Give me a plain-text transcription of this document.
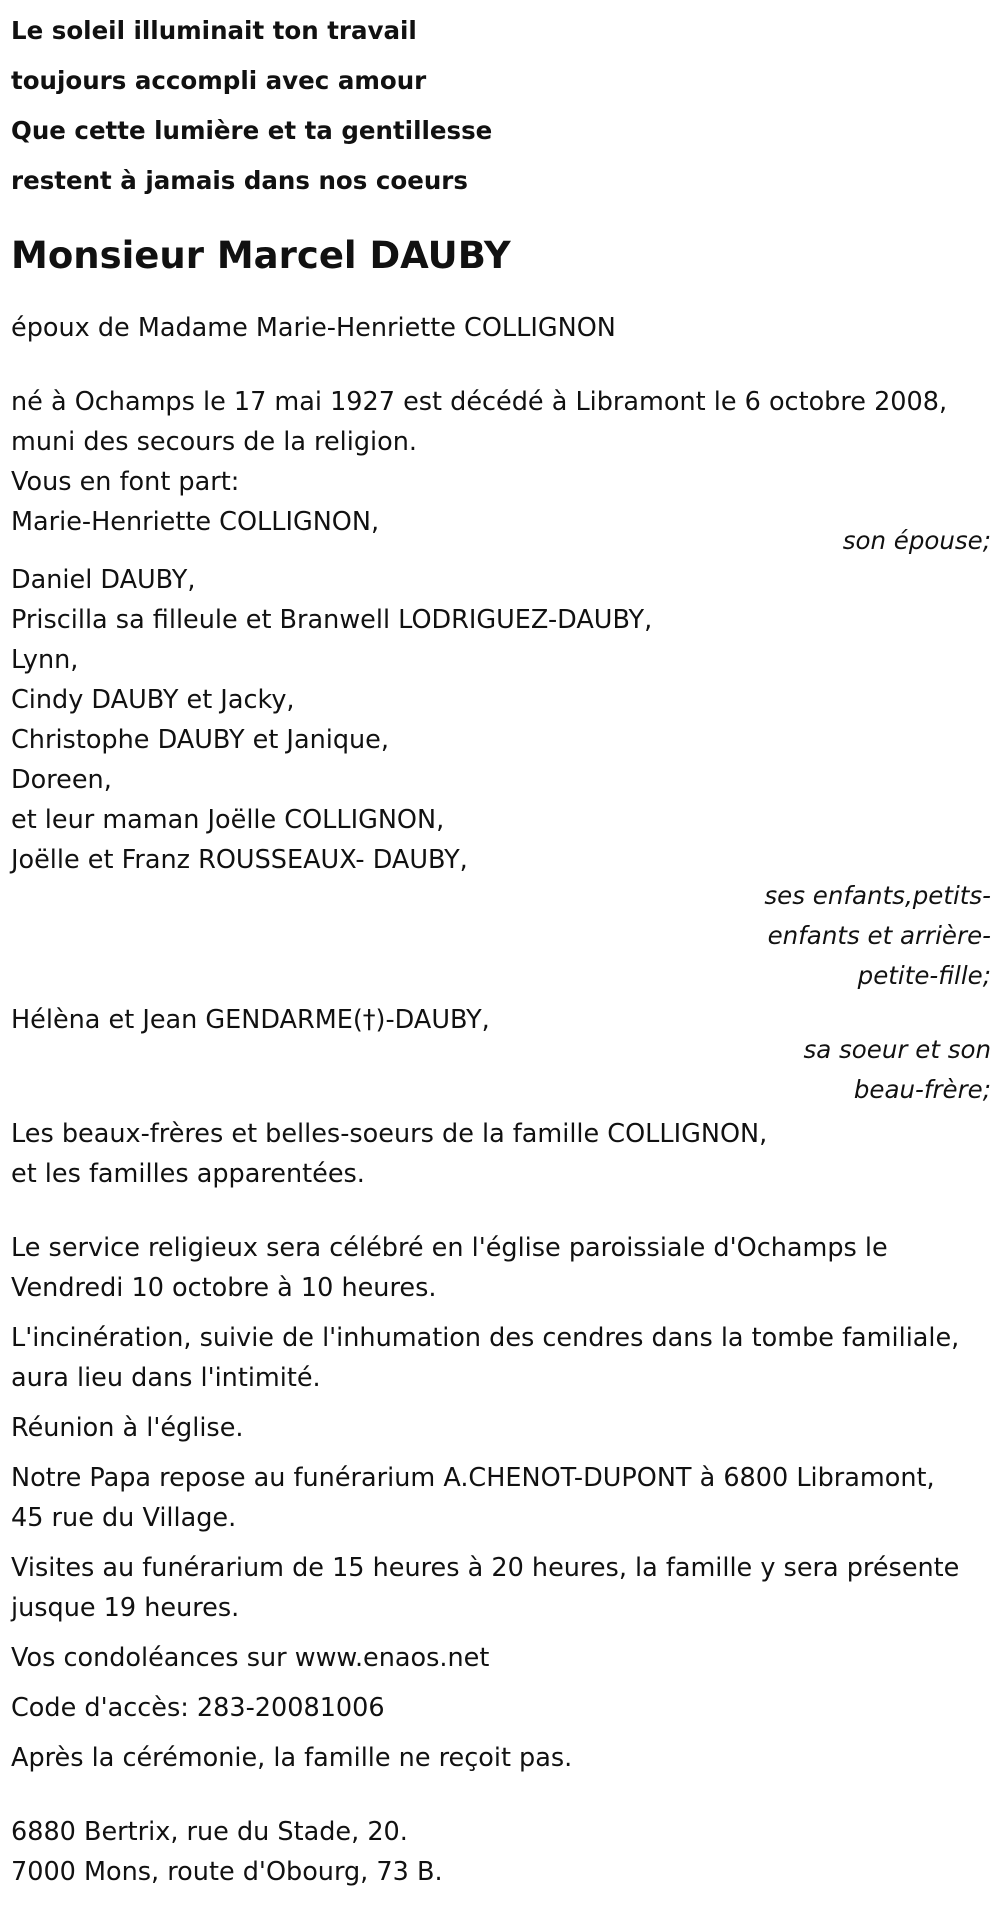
Le soleil illuminait ton travail
toujours accompli avec amour
Que cette lumière et ta gentillesse
restent à jamais dans nos coeurs
Monsieur Marcel DAUBY
époux de Madame Marie-Henriette COLLIGNON
né à Ochamps le 17 mai 1927 est décédé à Libramont le 6 octobre 2008,
muni des secours de la religion.
Vous en font part:
Marie-Henriette COLLIGNON,
son épouse;
Daniel DAUBY,
Priscilla sa filleule et Branwell LODRIGUEZ-DAUBY,
Lynn,
Cindy DAUBY et Jacky,
Christophe DAUBY et Janique,
Doreen,
et leur maman Joëlle COLLIGNON,
Joëlle et Franz ROUSSEAUX- DAUBY,
ses enfants,petits-
enfants et arrière-
petite-fille;
Hélèna et Jean GENDARME(†)-DAUBY,
sa soeur et son
beau-frère;
Les beaux-frères et belles-soeurs de la famille COLLIGNON,
et les familles apparentées.
Le service religieux sera célébré en l'église paroissiale d'Ochamps le
Vendredi 10 octobre à 10 heures.
L'incinération, suivie de l'inhumation des cendres dans la tombe familiale,
aura lieu dans l'intimité.
Réunion à l'église.
Notre Papa repose au funérarium A.CHENOT-DUPONT à 6800 Libramont,
45 rue du Village.
Visites au funérarium de 15 heures à 20 heures, la famille y sera présente
jusque 19 heures.
Vos condoléances sur www.enaos.net
Code d'accès: 283-20081006
Après la cérémonie, la famille ne reçoit pas.
6880 Bertrix, rue du Stade, 20.
7000 Mons, route d'Obourg, 73 B.
